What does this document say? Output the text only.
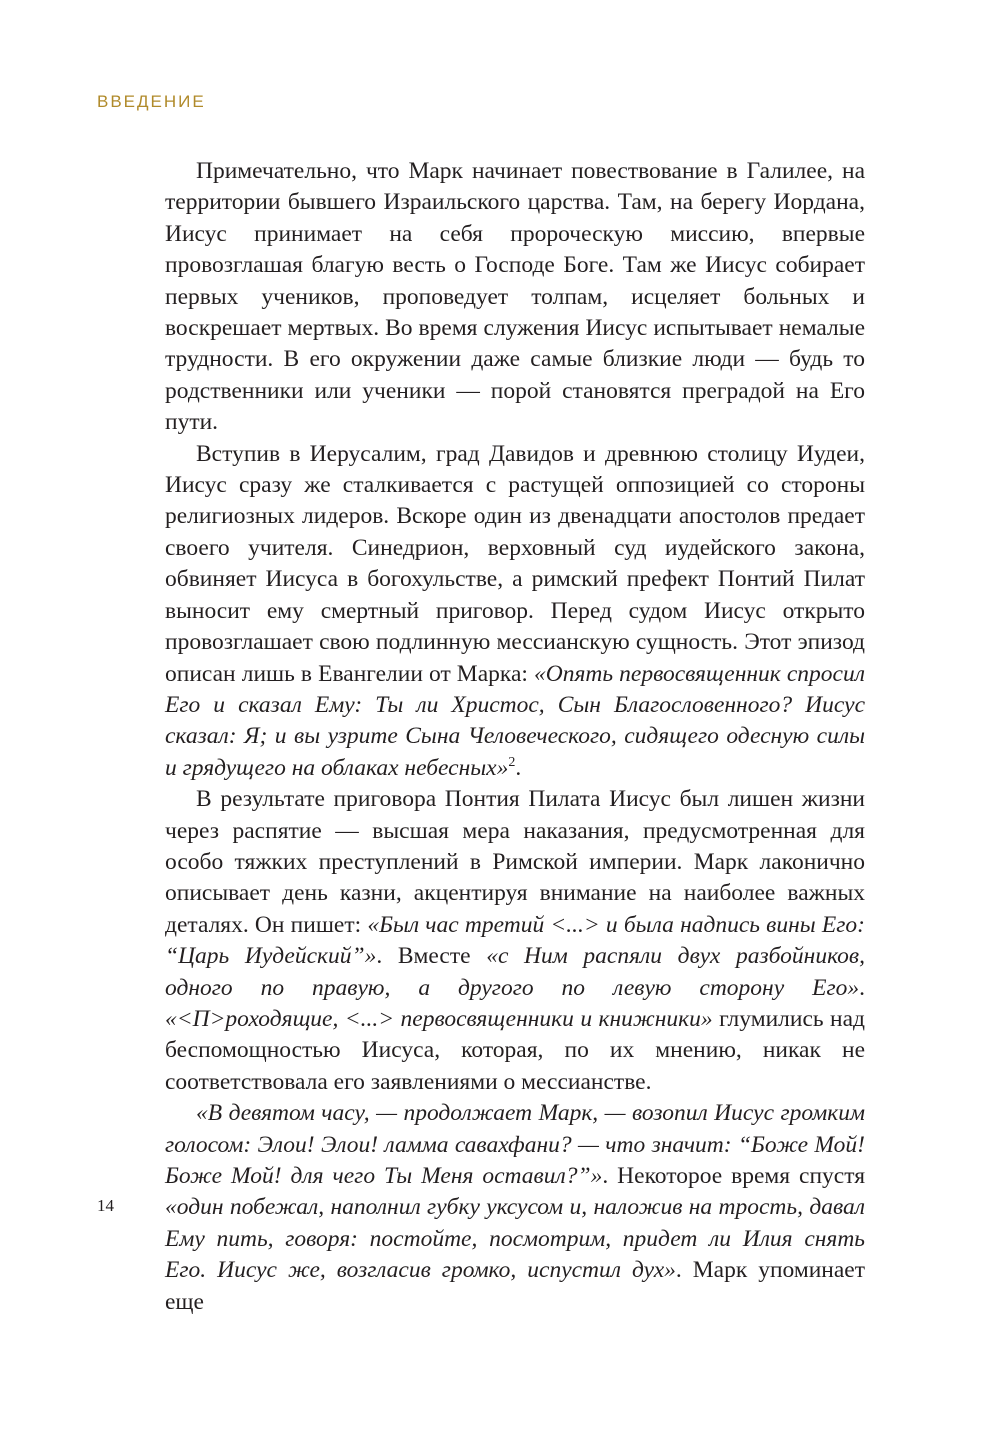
ВВЕДЕНИЕ

Примечательно, что Марк начинает повествование в Галилее, на территории бывшего Израильского царства. Там, на берегу Иордана, Иисус принимает на себя пророческую миссию, впервые провозглашая благую весть о Господе Боге. Там же Иисус собирает первых учеников, проповедует толпам, исцеляет больных и воскрешает мертвых. Во время служения Иисус испытывает немалые трудности. В его окружении даже самые близкие люди — будь то родственники или ученики — порой становятся преградой на Его пути.

Вступив в Иерусалим, град Давидов и древнюю столицу Иудеи, Иисус сразу же сталкивается с растущей оппозицией со стороны религиозных лидеров. Вскоре один из двенадцати апостолов предает своего учителя. Синедрион, верховный суд иудейского закона, обвиняет Иисуса в богохульстве, а римский префект Понтий Пилат выносит ему смертный приговор. Перед судом Иисус открыто провозглашает свою подлинную мессианскую сущность. Этот эпизод описан лишь в Евангелии от Марка: «Опять первосвященник спросил Его и сказал Ему: Ты ли Христос, Сын Благословенного? Иисус сказал: Я; и вы узрите Сына Человеческого, сидящего одесную силы и грядущего на облаках небесных»$^2$.

В результате приговора Понтия Пилата Иисус был лишен жизни через распятие — высшая мера наказания, предусмотренная для особо тяжких преступлений в Римской империи. Марк лаконично описывает день казни, акцентируя внимание на наиболее важных деталях. Он пишет: «Был час третий <...> и была надпись вины Его: “Царь Иудейский”». Вместе «с Ним распяли двух разбойников, одного по правую, а другого по левую сторону Его». «<П>роходящие, <...> первосвященники и книжники» глумились над беспомощностью Иисуса, которая, по их мнению, никак не соответствовала его заявлениями о мессианстве.

«В девятом часу, — продолжает Марк, — возопил Иисус громким голосом: Элои! Элои! ламма савахфани? — что значит: “Боже Мой! Боже Мой! для чего Ты Меня оставил?”». Некоторое время спустя «один побежал, наполнил губку уксусом и, наложив на трость, давал Ему пить, говоря: постойте, посмотрим, придет ли Илия снять Его. Иисус же, возгласив громко, испустил дух». Марк упоминает еще

14
